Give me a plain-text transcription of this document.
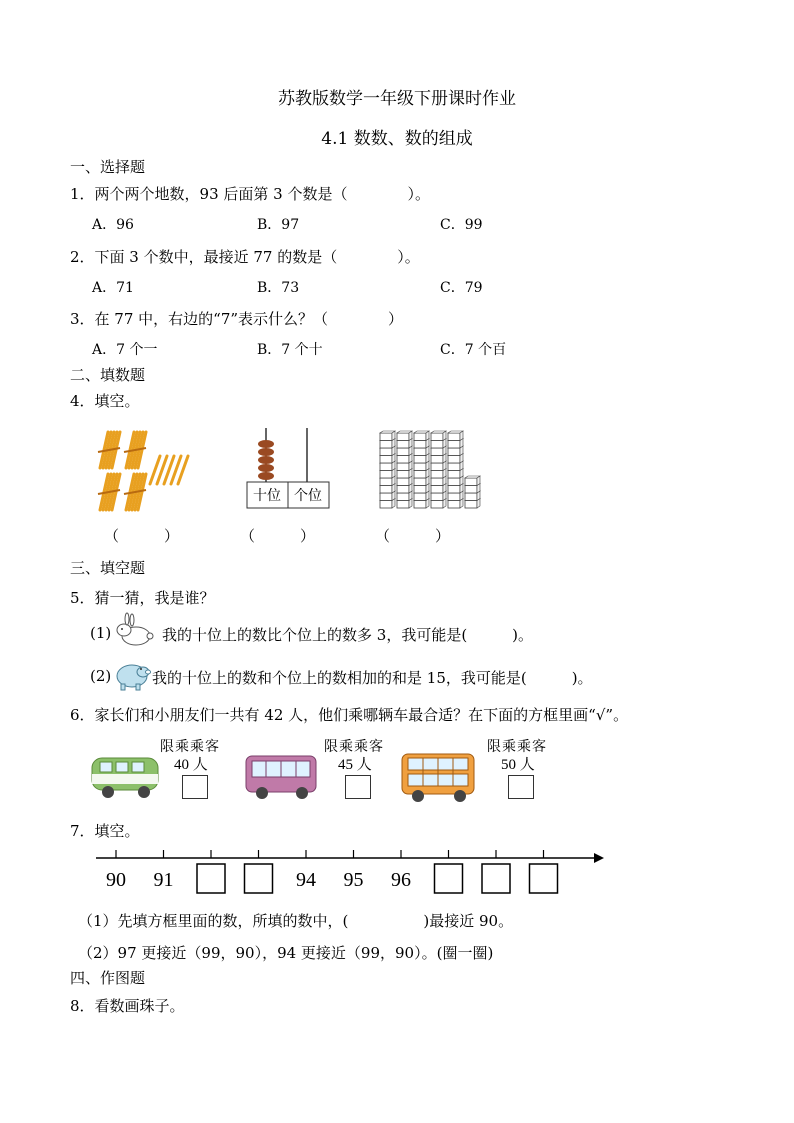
苏教版数学一年级下册课时作业
4.1 数数、数的组成
一、选择题
1．两个两个地数，93 后面第 3 个数是（　　　　）。
A．96	B．97	C．99
2．下面 3 个数中，最接近 77 的数是（　　　　）。
A．71	B．73	C．79
3．在 77 中，右边的“7”表示什么？（　　　　）
A．7 个一	B．7 个十	C．7 个百
二、填数题
4．填空。
十位 个位
（　　　）	（　　　）	（　　　）
三、填空题
5．猜一猜，我是谁？
(1)	我的十位上的数比个位上的数多 3，我可能是(　　　)。
(2)	我的十位上的数和个位上的数相加的和是 15，我可能是(　　　)。
6．家长们和小朋友们一共有 42 人，他们乘哪辆车最合适？在下面的方框里画“√”。
限乘乘客
40 人
限乘乘客
45 人
限乘乘客
50 人
7．填空。
90 91	94 95 96
（1）先填方框里面的数，所填的数中，(　　　　　)最接近 90。
（2）97 更接近（99，90），94 更接近（99，90）。(圈一圈)
四、作图题
8．看数画珠子。
